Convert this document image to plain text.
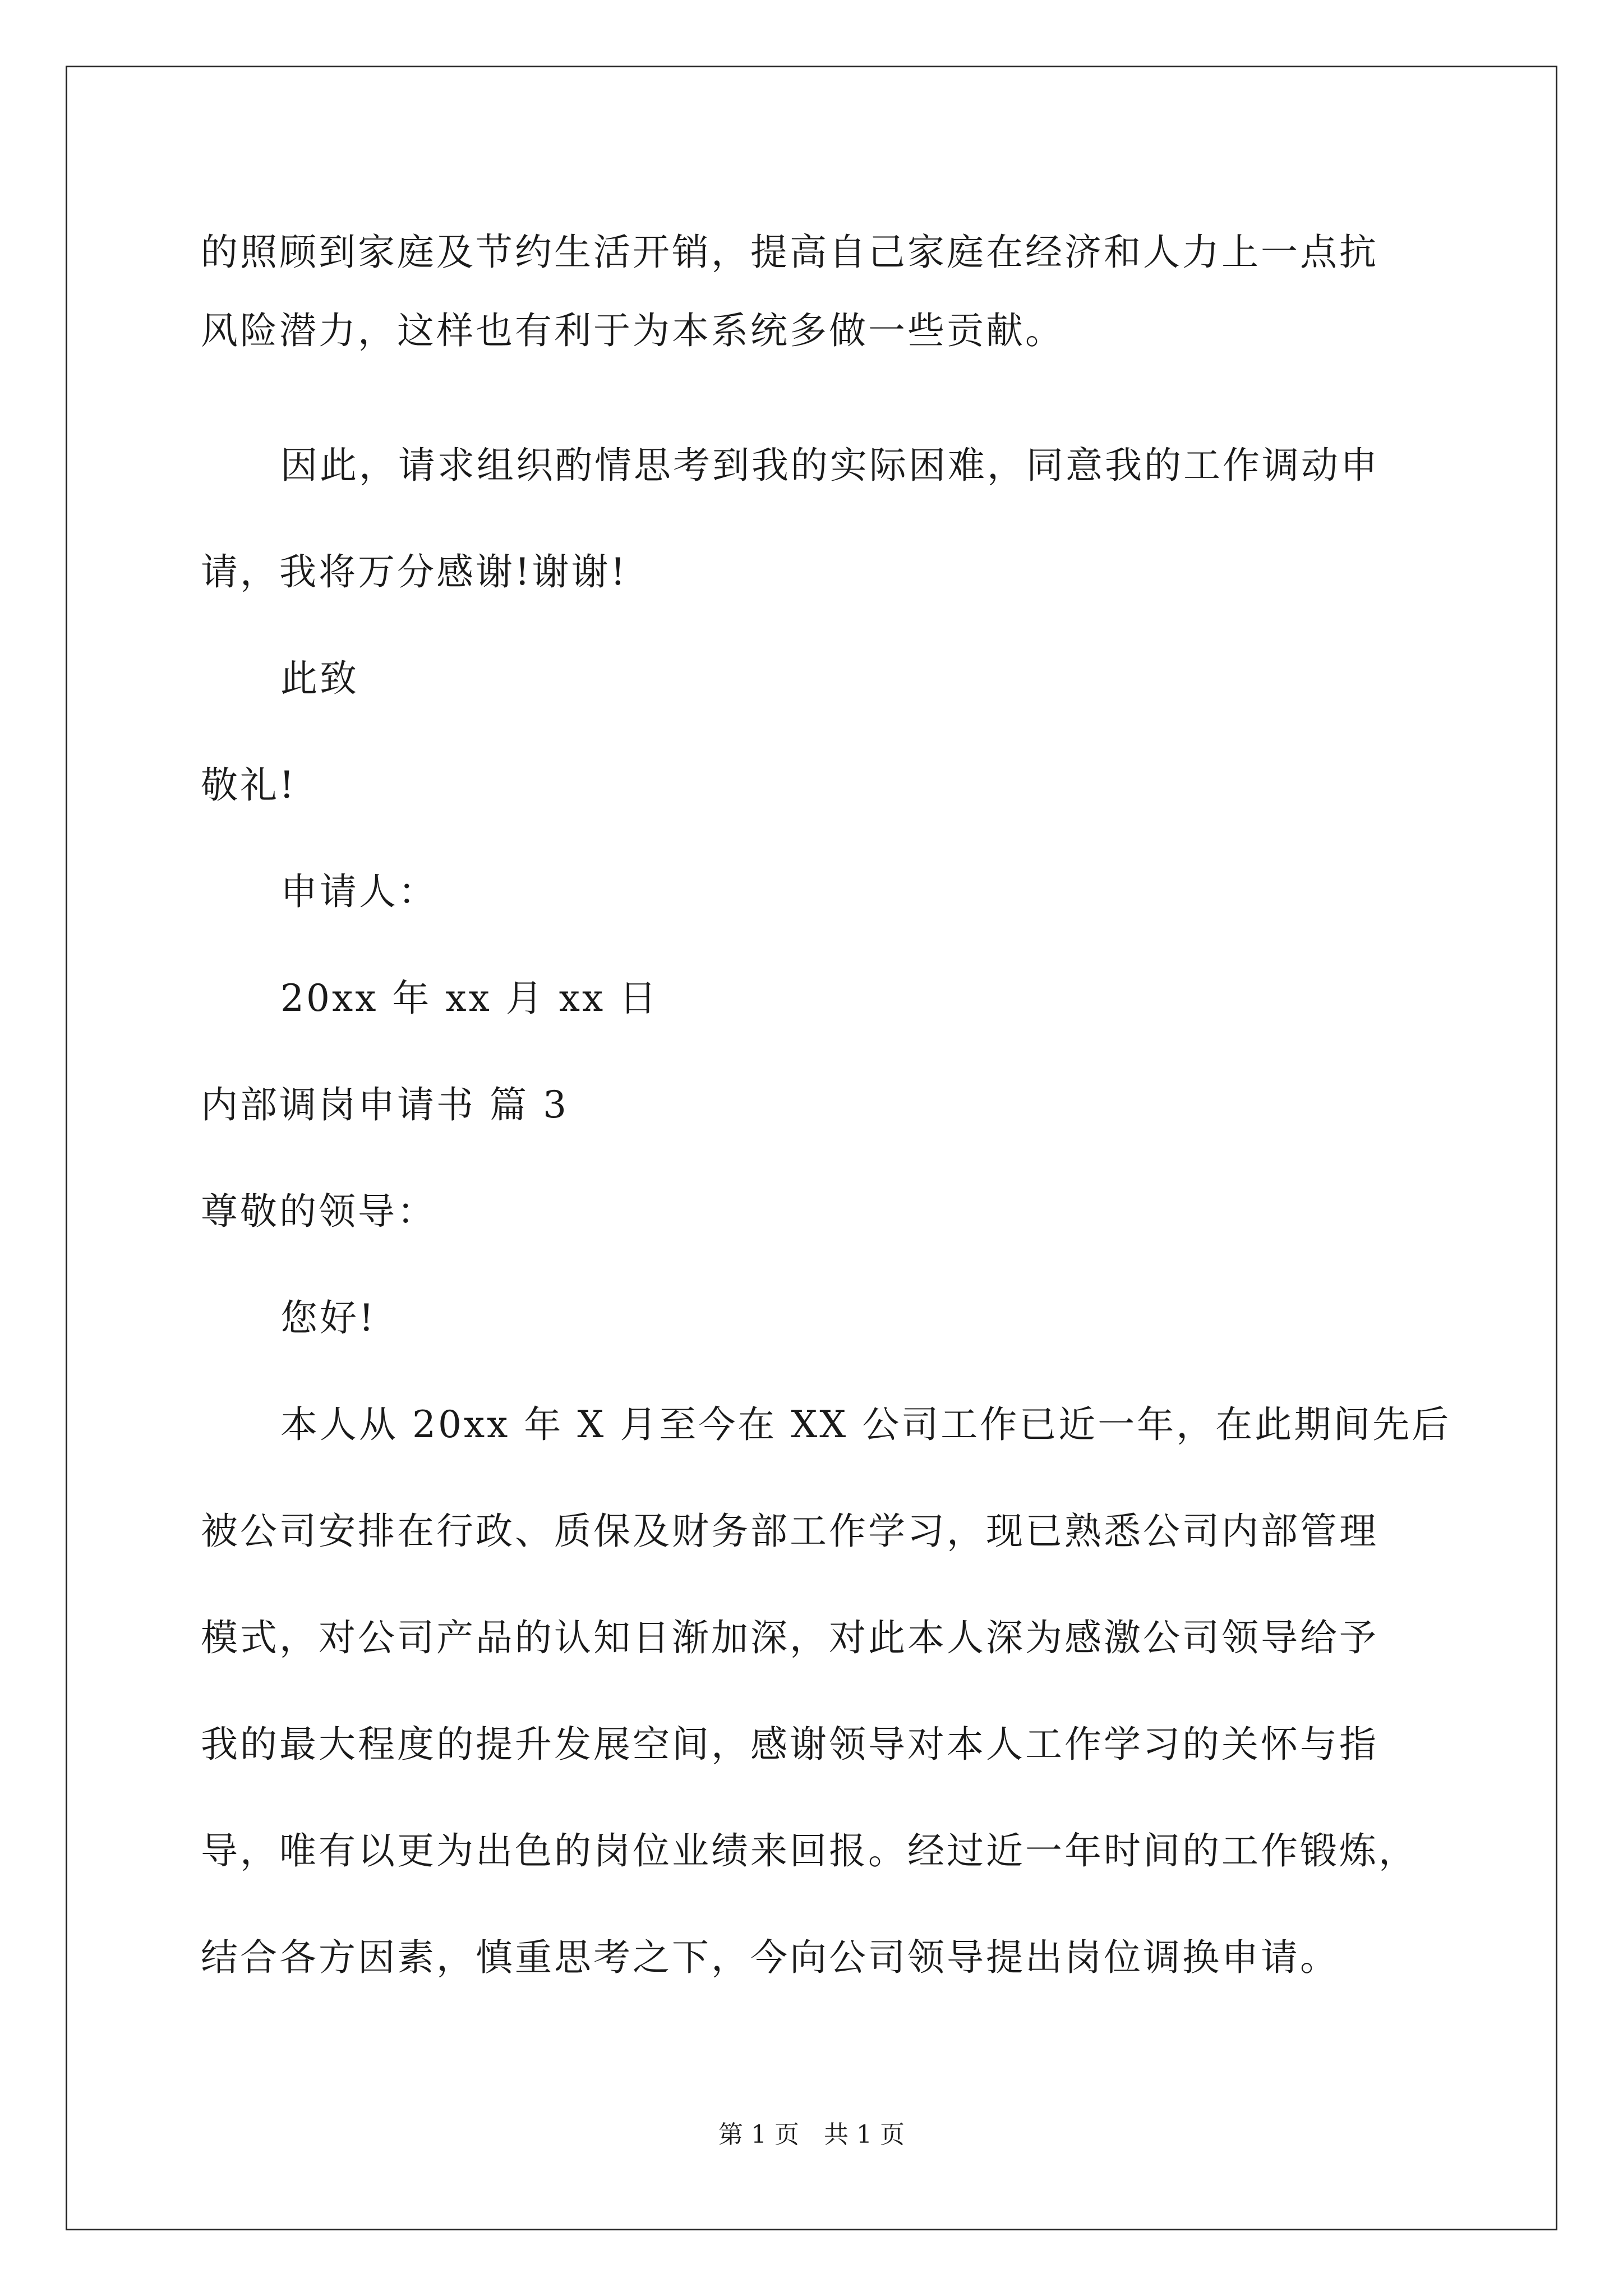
的照顾到家庭及节约生活开销，提高自己家庭在经济和人力上一点抗
风险潜力，这样也有利于为本系统多做一些贡献。
因此，请求组织酌情思考到我的实际困难，同意我的工作调动申
请，我将万分感谢!谢谢!
此致
敬礼!
申请人：
20xx 年 xx 月 xx 日
内部调岗申请书 篇 3
尊敬的领导：
您好!
本人从 20xx 年 X 月至今在 XX 公司工作已近一年，在此期间先后
被公司安排在行政、质保及财务部工作学习，现已熟悉公司内部管理
模式，对公司产品的认知日渐加深，对此本人深为感激公司领导给予
我的最大程度的提升发展空间，感谢领导对本人工作学习的关怀与指
导，唯有以更为出色的岗位业绩来回报。经过近一年时间的工作锻炼，
结合各方因素，慎重思考之下，今向公司领导提出岗位调换申请。
第 1 页　共 1 页
